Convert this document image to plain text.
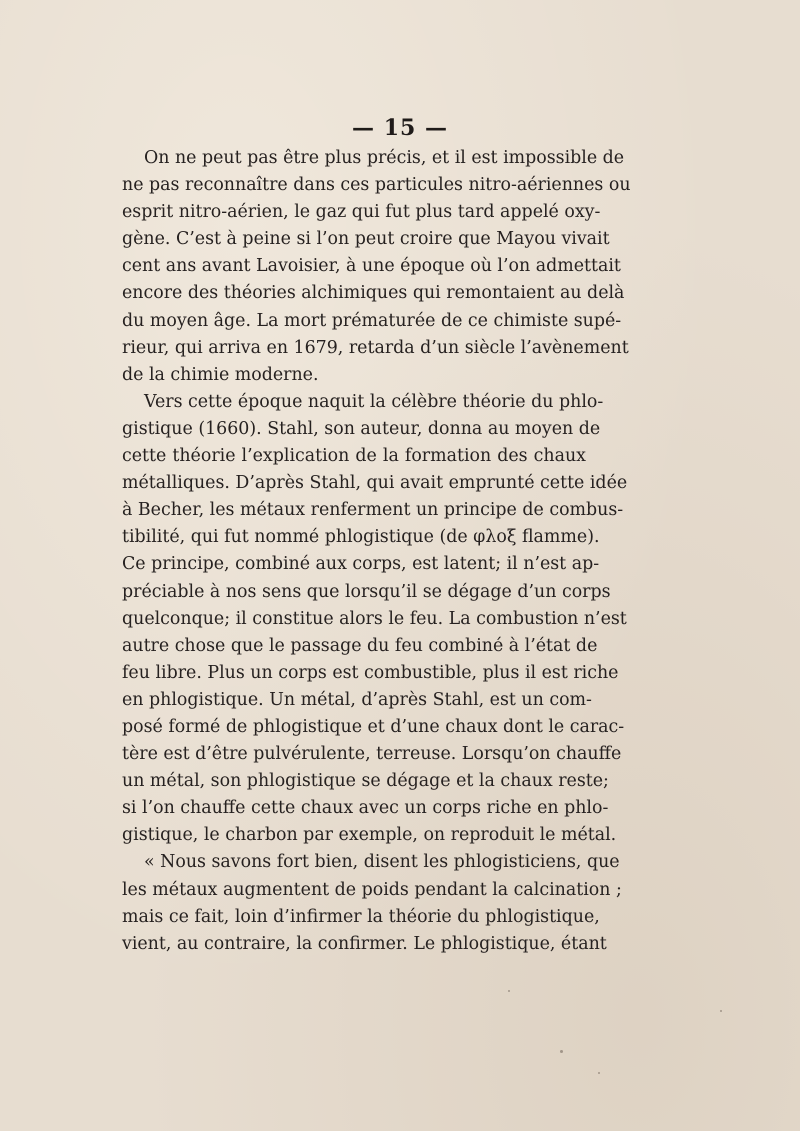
— 15 —
On ne peut pas être plus précis, et il est impossible de
ne pas reconnaître dans ces particules nitro-aériennes ou
esprit nitro-aérien, le gaz qui fut plus tard appelé oxy-
gène. C’est à peine si l’on peut croire que Mayou vivait
cent ans avant Lavoisier, à une époque où l’on admettait
encore des théories alchimiques qui remontaient au delà
du moyen âge. La mort prématurée de ce chimiste supé-
rieur, qui arriva en 1679, retarda d’un siècle l’avènement
de la chimie moderne.
Vers cette époque naquit la célèbre théorie du phlo-
gistique (1660). Stahl, son auteur, donna au moyen de
cette théorie l’explication de la formation des chaux
métalliques. D’après Stahl, qui avait emprunté cette idée
à Becher, les métaux renferment un principe de combus-
tibilité, qui fut nommé phlogistique (de φλοξ flamme).
Ce principe, combiné aux corps, est latent; il n’est ap-
préciable à nos sens que lorsqu’il se dégage d’un corps
quelconque; il constitue alors le feu. La combustion n’est
autre chose que le passage du feu combiné à l’état de
feu libre. Plus un corps est combustible, plus il est riche
en phlogistique. Un métal, d’après Stahl, est un com-
posé formé de phlogistique et d’une chaux dont le carac-
tère est d’être pulvérulente, terreuse. Lorsqu’on chauffe
un métal, son phlogistique se dégage et la chaux reste;
si l’on chauffe cette chaux avec un corps riche en phlo-
gistique, le charbon par exemple, on reproduit le métal.
« Nous savons fort bien, disent les phlogisticiens, que
les métaux augmentent de poids pendant la calcination ;
mais ce fait, loin d’infirmer la théorie du phlogistique,
vient, au contraire, la confirmer. Le phlogistique, étant
